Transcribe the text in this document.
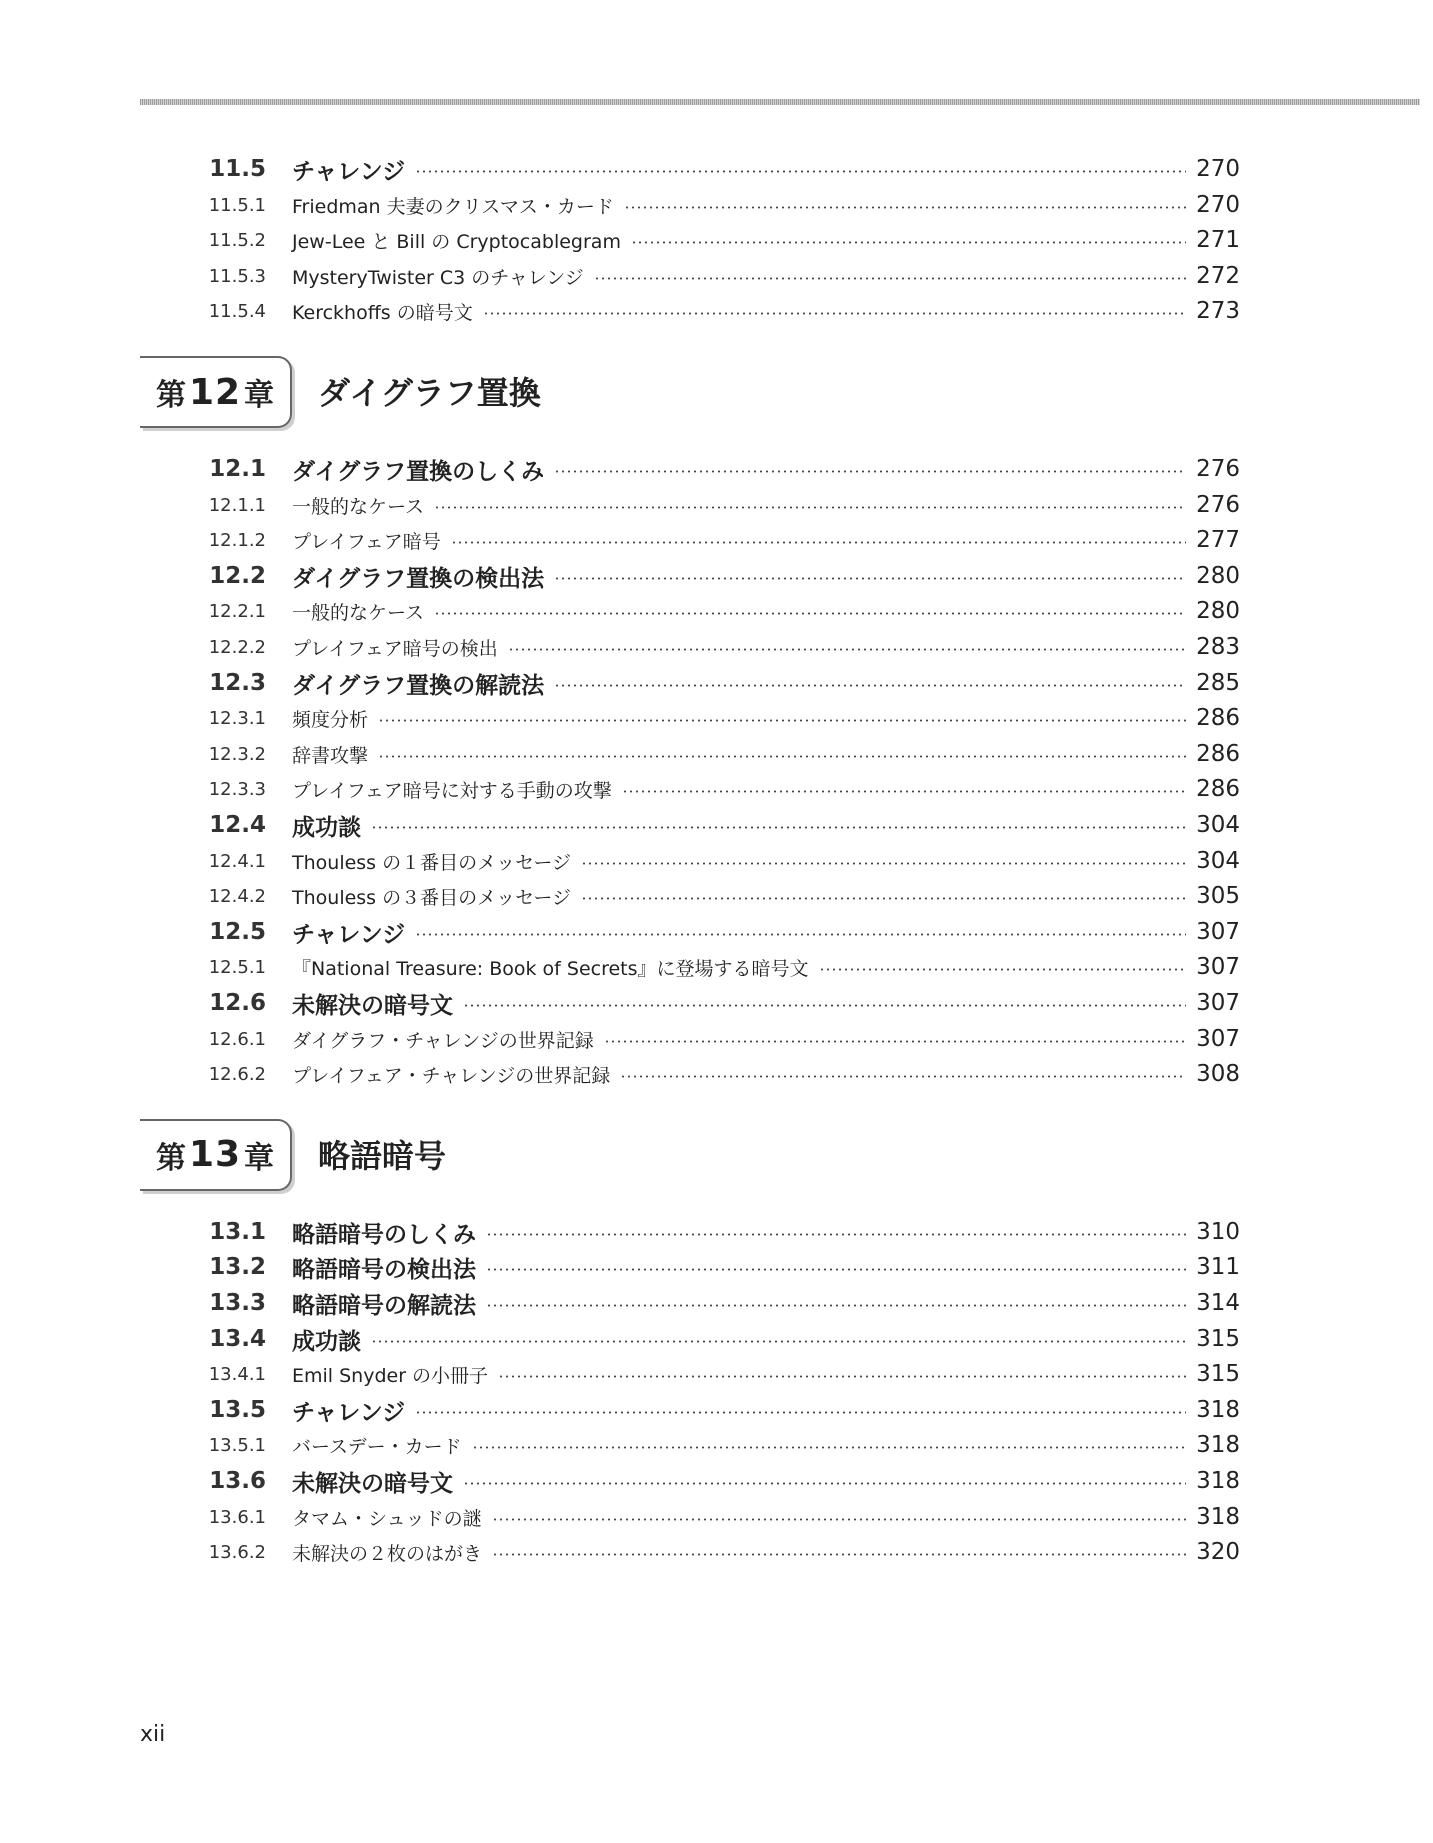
11.5	チャレンジ	270
11.5.1	Friedman 夫妻のクリスマス・カード	270
11.5.2	Jew-Lee と Bill の Cryptocablegram	271
11.5.3	MysteryTwister C3 のチャレンジ	272
11.5.4	Kerckhoffs の暗号文	273
第 12 章 ダイグラフ置換
12.1	ダイグラフ置換のしくみ	276
12.1.1	一般的なケース	276
12.1.2	プレイフェア暗号	277
12.2	ダイグラフ置換の検出法	280
12.2.1	一般的なケース	280
12.2.2	プレイフェア暗号の検出	283
12.3	ダイグラフ置換の解読法	285
12.3.1	頻度分析	286
12.3.2	辞書攻撃	286
12.3.3	プレイフェア暗号に対する手動の攻撃	286
12.4	成功談	304
12.4.1	Thouless の１番目のメッセージ	304
12.4.2	Thouless の３番目のメッセージ	305
12.5	チャレンジ	307
12.5.1	『National Treasure: Book of Secrets』に登場する暗号文	307
12.6	未解決の暗号文	307
12.6.1	ダイグラフ・チャレンジの世界記録	307
12.6.2	プレイフェア・チャレンジの世界記録	308
第 13 章 略語暗号
13.1	略語暗号のしくみ	310
13.2	略語暗号の検出法	311
13.3	略語暗号の解読法	314
13.4	成功談	315
13.4.1	Emil Snyder の小冊子	315
13.5	チャレンジ	318
13.5.1	バースデー・カード	318
13.6	未解決の暗号文	318
13.6.1	タマム・シュッドの謎	318
13.6.2	未解決の２枚のはがき	320
xii
